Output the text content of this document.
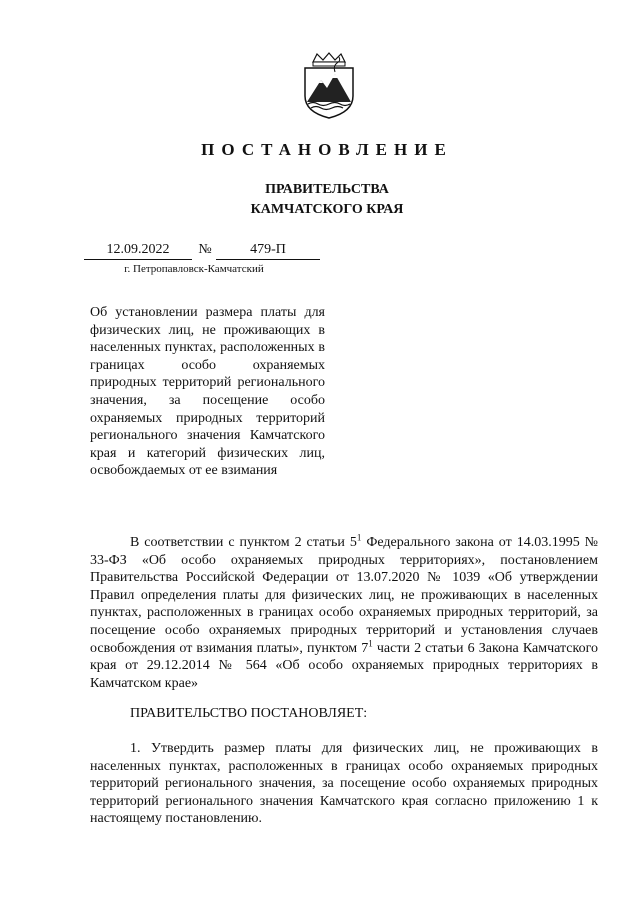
ПОСТАНОВЛЕНИЕ
ПРАВИТЕЛЬСТВА
КАМЧАТСКОГО КРАЯ
12.09.2022	№	479-П
г. Петропавловск-Камчатский

Об установлении размера платы для физических лиц, не проживающих в населенных пунктах, расположенных в границах особо охраняемых природных территорий регионального значения, за посещение особо охраняемых природных территорий регионального значения Камчатского края и категорий физических лиц, освобождаемых от ее взимания

В соответствии с пунктом 2 статьи $5^1$ Федерального закона от 14.03.1995 № 33-ФЗ «Об особо охраняемых природных территориях», постановлением Правительства Российской Федерации от 13.07.2020 № 1039 «Об утверждении Правил определения платы для физических лиц, не проживающих в населенных пунктах, расположенных в границах особо охраняемых природных территорий, за посещение особо охраняемых природных территорий и установления случаев освобождения от взимания платы», пунктом $7^1$ части 2 статьи 6 Закона Камчатского края от 29.12.2014 № 564 «Об особо охраняемых природных территориях в Камчатском крае»

ПРАВИТЕЛЬСТВО ПОСТАНОВЛЯЕТ:

1. Утвердить размер платы для физических лиц, не проживающих в населенных пунктах, расположенных в границах особо охраняемых природных территорий регионального значения, за посещение особо охраняемых природных территорий регионального значения Камчатского края согласно приложению 1 к настоящему постановлению.
